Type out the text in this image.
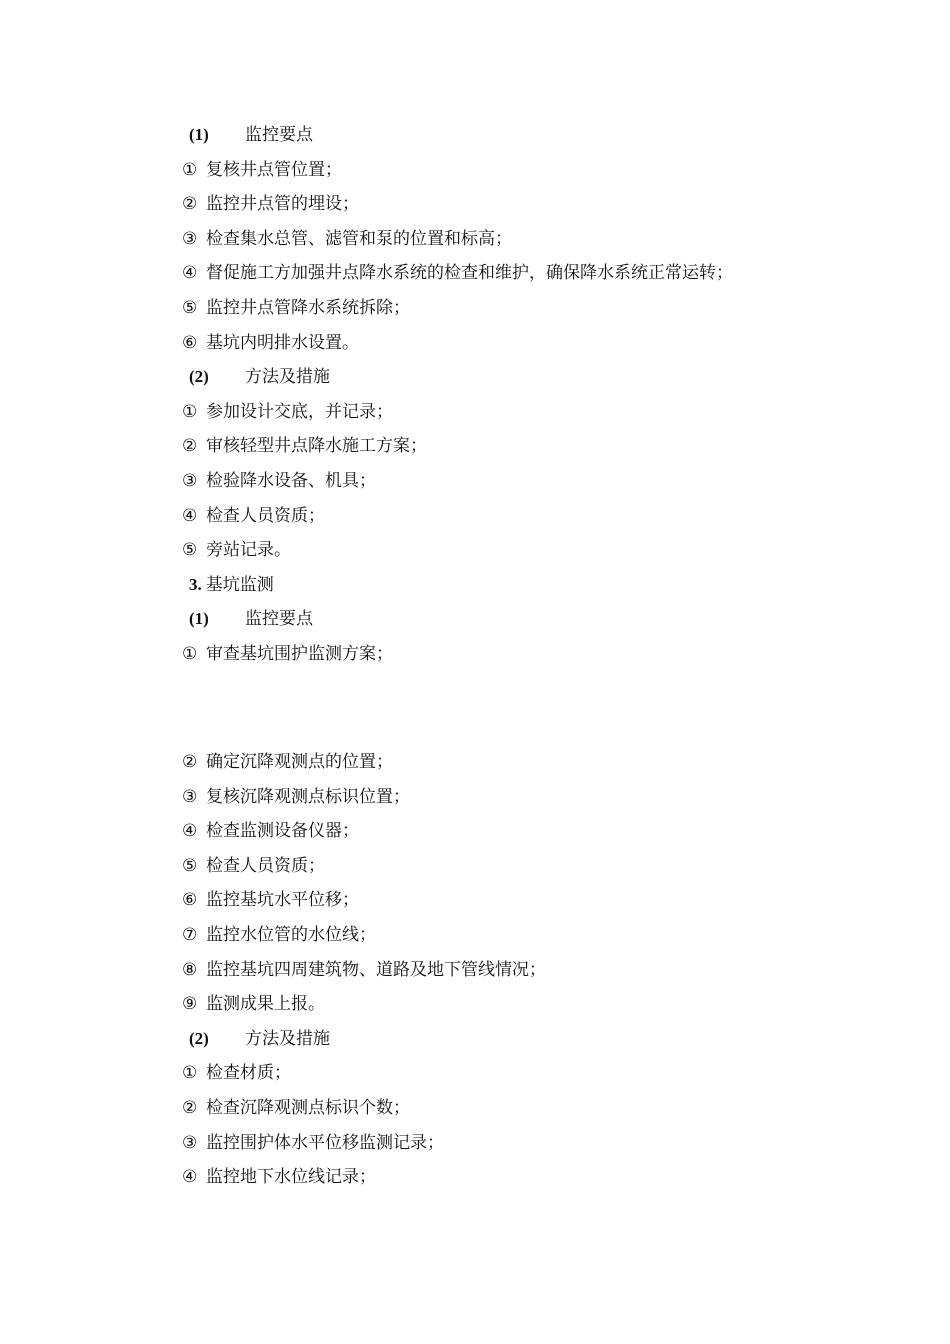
(1)	监控要点
① 复核井点管位置；
② 监控井点管的埋设；
③ 检查集水总管、滤管和泵的位置和标高；
④ 督促施工方加强井点降水系统的检查和维护，确保降水系统正常运转；
⑤ 监控井点管降水系统拆除；
⑥ 基坑内明排水设置。
(2)	方法及措施
① 参加设计交底，并记录；
② 审核轻型井点降水施工方案；
③ 检验降水设备、机具；
④ 检查人员资质；
⑤ 旁站记录。
3. 基坑监测
(1)	监控要点
① 审查基坑围护监测方案；
② 确定沉降观测点的位置；
③ 复核沉降观测点标识位置；
④ 检查监测设备仪器；
⑤ 检查人员资质；
⑥ 监控基坑水平位移；
⑦ 监控水位管的水位线；
⑧ 监控基坑四周建筑物、道路及地下管线情况；
⑨ 监测成果上报。
(2)	方法及措施
① 检查材质；
② 检查沉降观测点标识个数；
③ 监控围护体水平位移监测记录；
④ 监控地下水位线记录；
